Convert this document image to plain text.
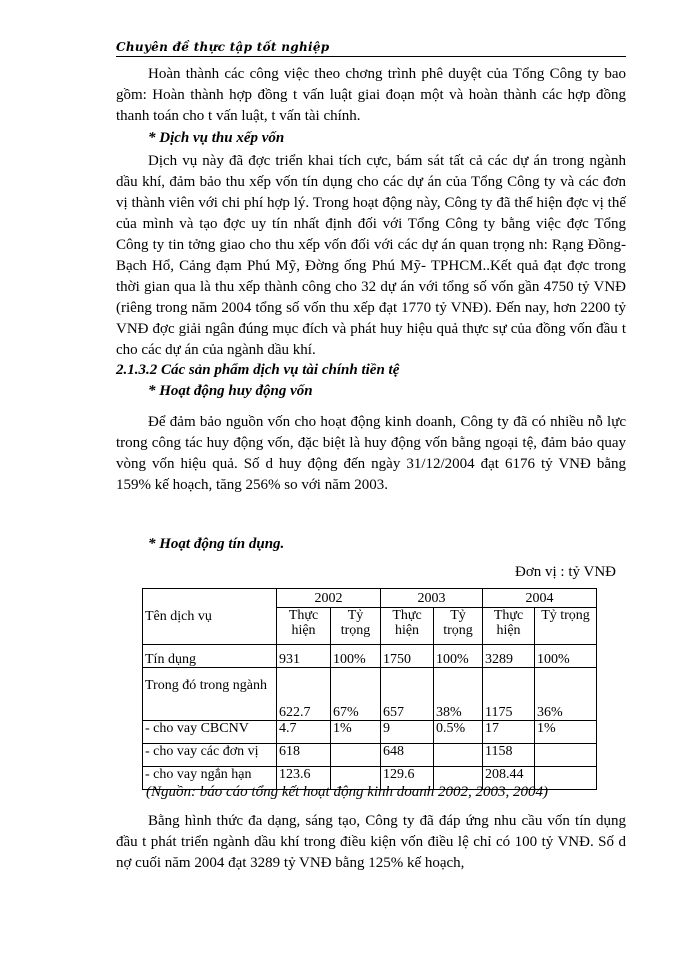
Chuyên đề thực tập tốt nghiệp

Hoàn thành các công việc theo chơng trình phê duyệt của Tổng Công ty bao gồm: Hoàn thành hợp đồng t vấn luật giai đoạn một và hoàn thành các hợp đồng thanh toán cho t vấn luật, t vấn tài chính.

* Dịch vụ thu xếp vốn

Dịch vụ này đã đợc triển khai tích cực, bám sát tất cả các dự án trong ngành dầu khí, đảm bảo thu xếp vốn tín dụng cho các dự án của Tổng Công ty và các đơn vị thành viên với chi phí hợp lý. Trong hoạt động này, Công ty đã thể hiện đợc vị thế của mình và tạo đợc uy tín nhất định đối với Tổng Công ty bằng việc đợc Tổng Công ty tin tởng giao cho thu xếp vốn đối với các dự án quan trọng nh: Rạng Đồng- Bạch Hổ, Cảng đạm Phú Mỹ, Đờng ống Phú Mỹ- TPHCM..Kết quả đạt đợc trong thời gian qua là thu xếp thành công cho 32 dự án với tổng số vốn gần 4750 tỷ VNĐ (riêng trong năm 2004 tổng số vốn thu xếp đạt 1770 tỷ VNĐ). Đến nay, hơn 2200 tỷ VNĐ đợc giải ngân đúng mục đích và phát huy hiệu quả thực sự của đồng vốn đầu t cho các dự án của ngành dầu khí.

2.1.3.2 Các sản phẩm dịch vụ tài chính tiền tệ

* Hoạt động huy động vốn

Để đảm bảo nguồn vốn cho hoạt động kinh doanh, Công ty đã có nhiều nỗ lực trong công tác huy động vốn, đặc biệt là huy động vốn bằng ngoại tệ, đảm bảo quay vòng vốn hiệu quả. Số d huy động đến ngày 31/12/2004 đạt 6176 tỷ VNĐ bằng 159% kế hoạch, tăng 256% so với năm 2003.

* Hoạt động tín dụng.

Đơn vị : tỷ VNĐ
Tên dịch vụ	2002		2003		2004	
	Thực hiện	Tỷ trọng	Thực hiện	Tỷ trọng	Thực hiện	Tỷ trọng
Tín dụng	931	100%	1750	100%	3289	100%
Trong đó trong ngành	622.7	67%	657	38%	1175	36%
- cho vay CBCNV	4.7	1%	9	0.5%	17	1%
- cho vay các đơn vị	618		648		1158	
- cho vay ngắn hạn	123.6		129.6		208.44	

(Nguồn: báo cáo tổng kết hoạt động kinh doanh 2002, 2003, 2004)

Bằng hình thức đa dạng, sáng tạo, Công ty đã đáp ứng nhu cầu vốn tín dụng đầu t phát triển ngành dầu khí trong điều kiện vốn điều lệ chỉ có 100 tỷ VNĐ. Số d nợ cuối năm 2004 đạt 3289 tỷ VNĐ bằng 125% kế hoạch,
